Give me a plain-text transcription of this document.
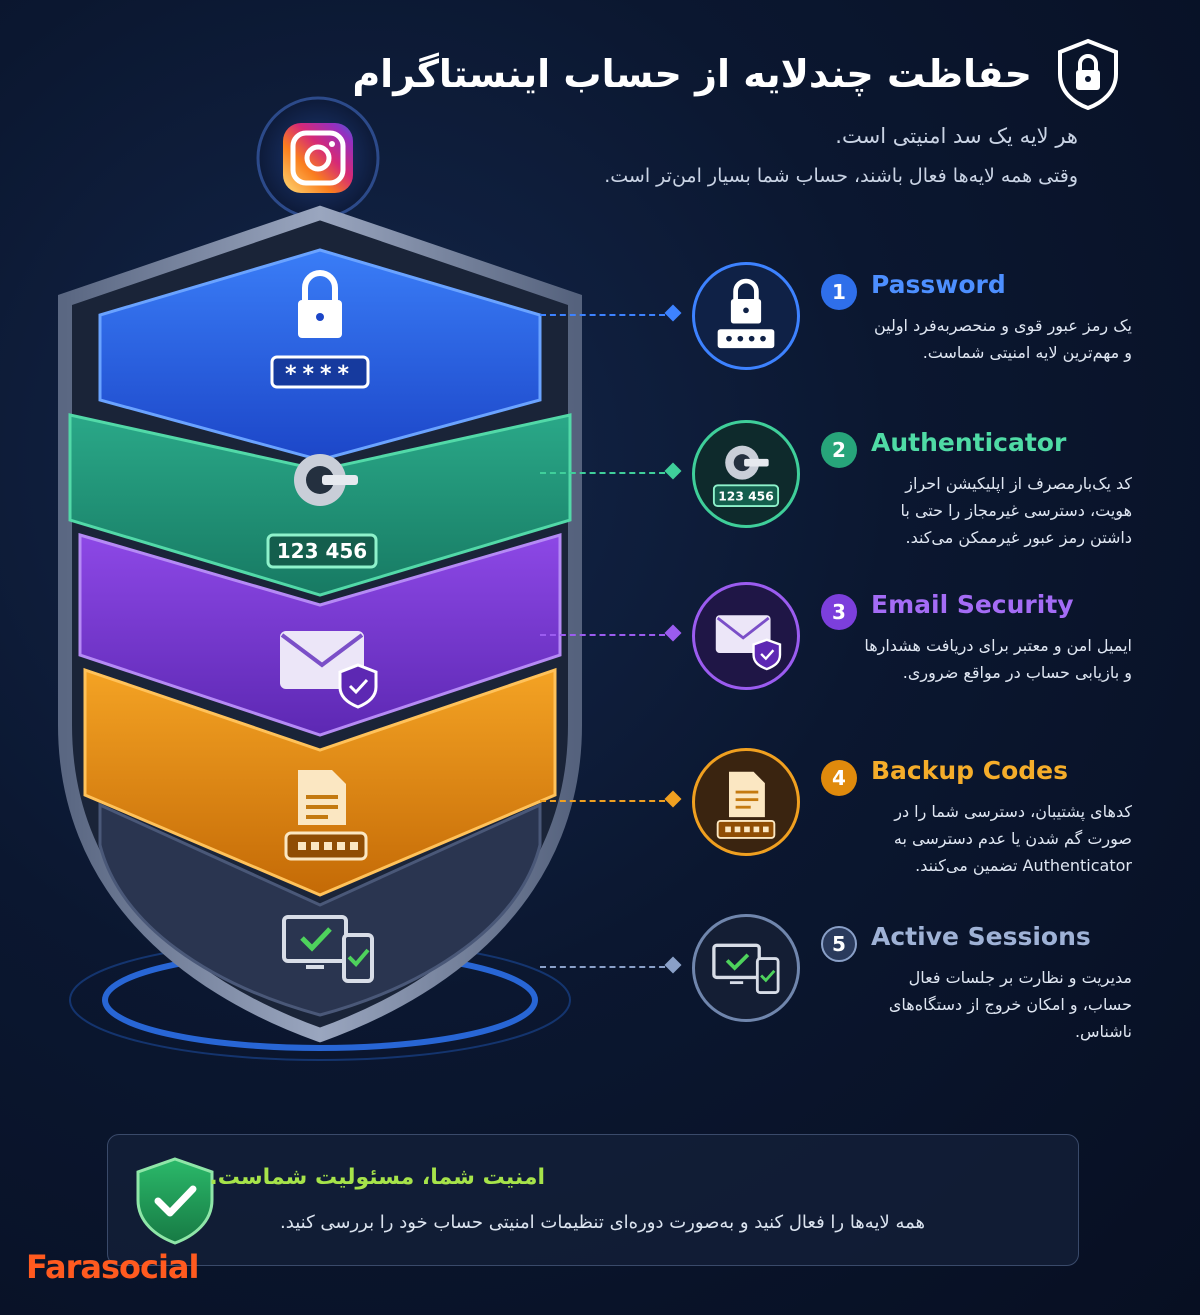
حفاظت چندلایه از حساب اینستاگرام
هر لایه یک سد امنیتی است.
وقتی همه لایه‌ها فعال باشند، حساب شما بسیار امن‌تر است.
****
123 456
1	Password
یک رمز عبور قوی و منحصربه‌فرد اولین و مهم‌ترین لایه امنیتی شماست.
123 456
2	Authenticator
کد یک‌بارمصرف از اپلیکیشن احراز هویت، دسترسی غیرمجاز را حتی با داشتن رمز عبور غیرممکن می‌کند.
3	Email Security
ایمیل امن و معتبر برای دریافت هشدارها و بازیابی حساب در مواقع ضروری.
4	Backup Codes
کدهای پشتیبان، دسترسی شما را در صورت گم شدن یا عدم دسترسی به Authenticator تضمین می‌کنند.
5	Active Sessions
مدیریت و نظارت بر جلسات فعال حساب، و امکان خروج از دستگاه‌های ناشناس.
امنیت شما، مسئولیت شماست.
همه لایه‌ها را فعال کنید و به‌صورت دوره‌ای تنظیمات امنیتی حساب خود را بررسی کنید.
Farasocial
